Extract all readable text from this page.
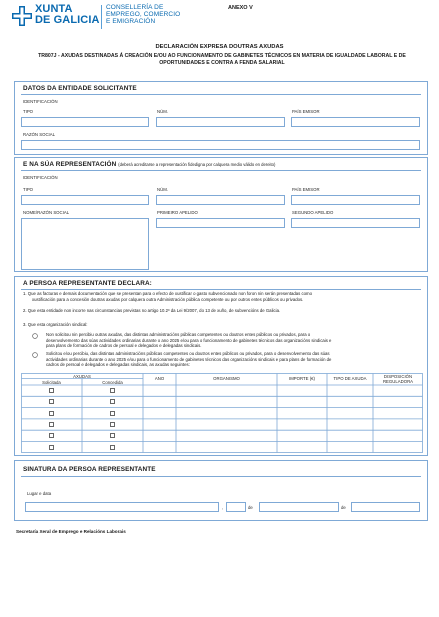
XUNTA
DE GALICIA
CONSELLERÍA DE
EMPREGO, COMERCIO
E EMIGRACIÓN
ANEXO V
DECLARACIÓN EXPRESA DOUTRAS AXUDAS
TR807J - AXUDAS DESTINADAS Á CREACIÓN E/OU AO FUNCIONAMENTO DE GABINETES TÉCNICOS EN MATERIA DE IGUALDADE LABORAL E DE OPORTUNIDADES E CONTRA A FENDA SALARIAL
DATOS DA ENTIDADE SOLICITANTE
IDENTIFICACIÓN
TIPO	NÚM.	PAÍS EMISOR
RAZÓN SOCIAL
E NA SÚA REPRESENTACIÓN (deberá acreditarse a representación fidedigna por calquera medio válido en dereito)
IDENTIFICACIÓN
TIPO	NÚM.	PAÍS EMISOR
NOME/RAZÓN SOCIAL	PRIMEIRO APELIDO	SEGUNDO APELIDO
A PERSOA REPRESENTANTE DECLARA:
1. Que as facturas e demais documentación que se presentan para o efecto de xustificar o gasto subvencionado non foron nin serán presentadas como
xustificación para a concesión doutras axudas por calquera outra Administración pública competente ou por outros entes públicos ou privados.
2. Que esta entidade non incorre nas circunstancias previstas no artigo 10.2º da Lei 9/2007, do 13 de xuño, de subvencións de Galicia.
3. Que esta organización sindical:
Non solicitou nin percibiu outras axudas, das distintas administracións públicas competentes ou doutros entes públicos ou privados, para o
desenvolvemento das súas actividades ordinarias durante o ano 2025 e/ou para o funcionamento de gabinetes técnicos das organizacións sindicais e
para plans de formación de cadros de persoal e delegados e delegadas sindicais.
Solicitou e/ou percibiu, das distintas administracións públicas competentes ou doutros entes públicos ou privados, para o desenvolvemento das súas
actividades ordinarias durante o ano 2025 e/ou para o funcionamento de gabinetes técnicos das organizacións sindicais e para plans de formación de
cadros de persoal e delegados e delegadas sindicais, as axudas seguintes:
AXUDAS
Solicitada	Concedida
ANO	ORGANISMO	IMPORTE (€)	TIPO DE AXUDA	DISPOSICIÓN
REGULADORA
SINATURA DA PERSOA REPRESENTANTE
Lugar e data
,	de	de
Secretaría Xeral de Emprego e Relacións Laborais
